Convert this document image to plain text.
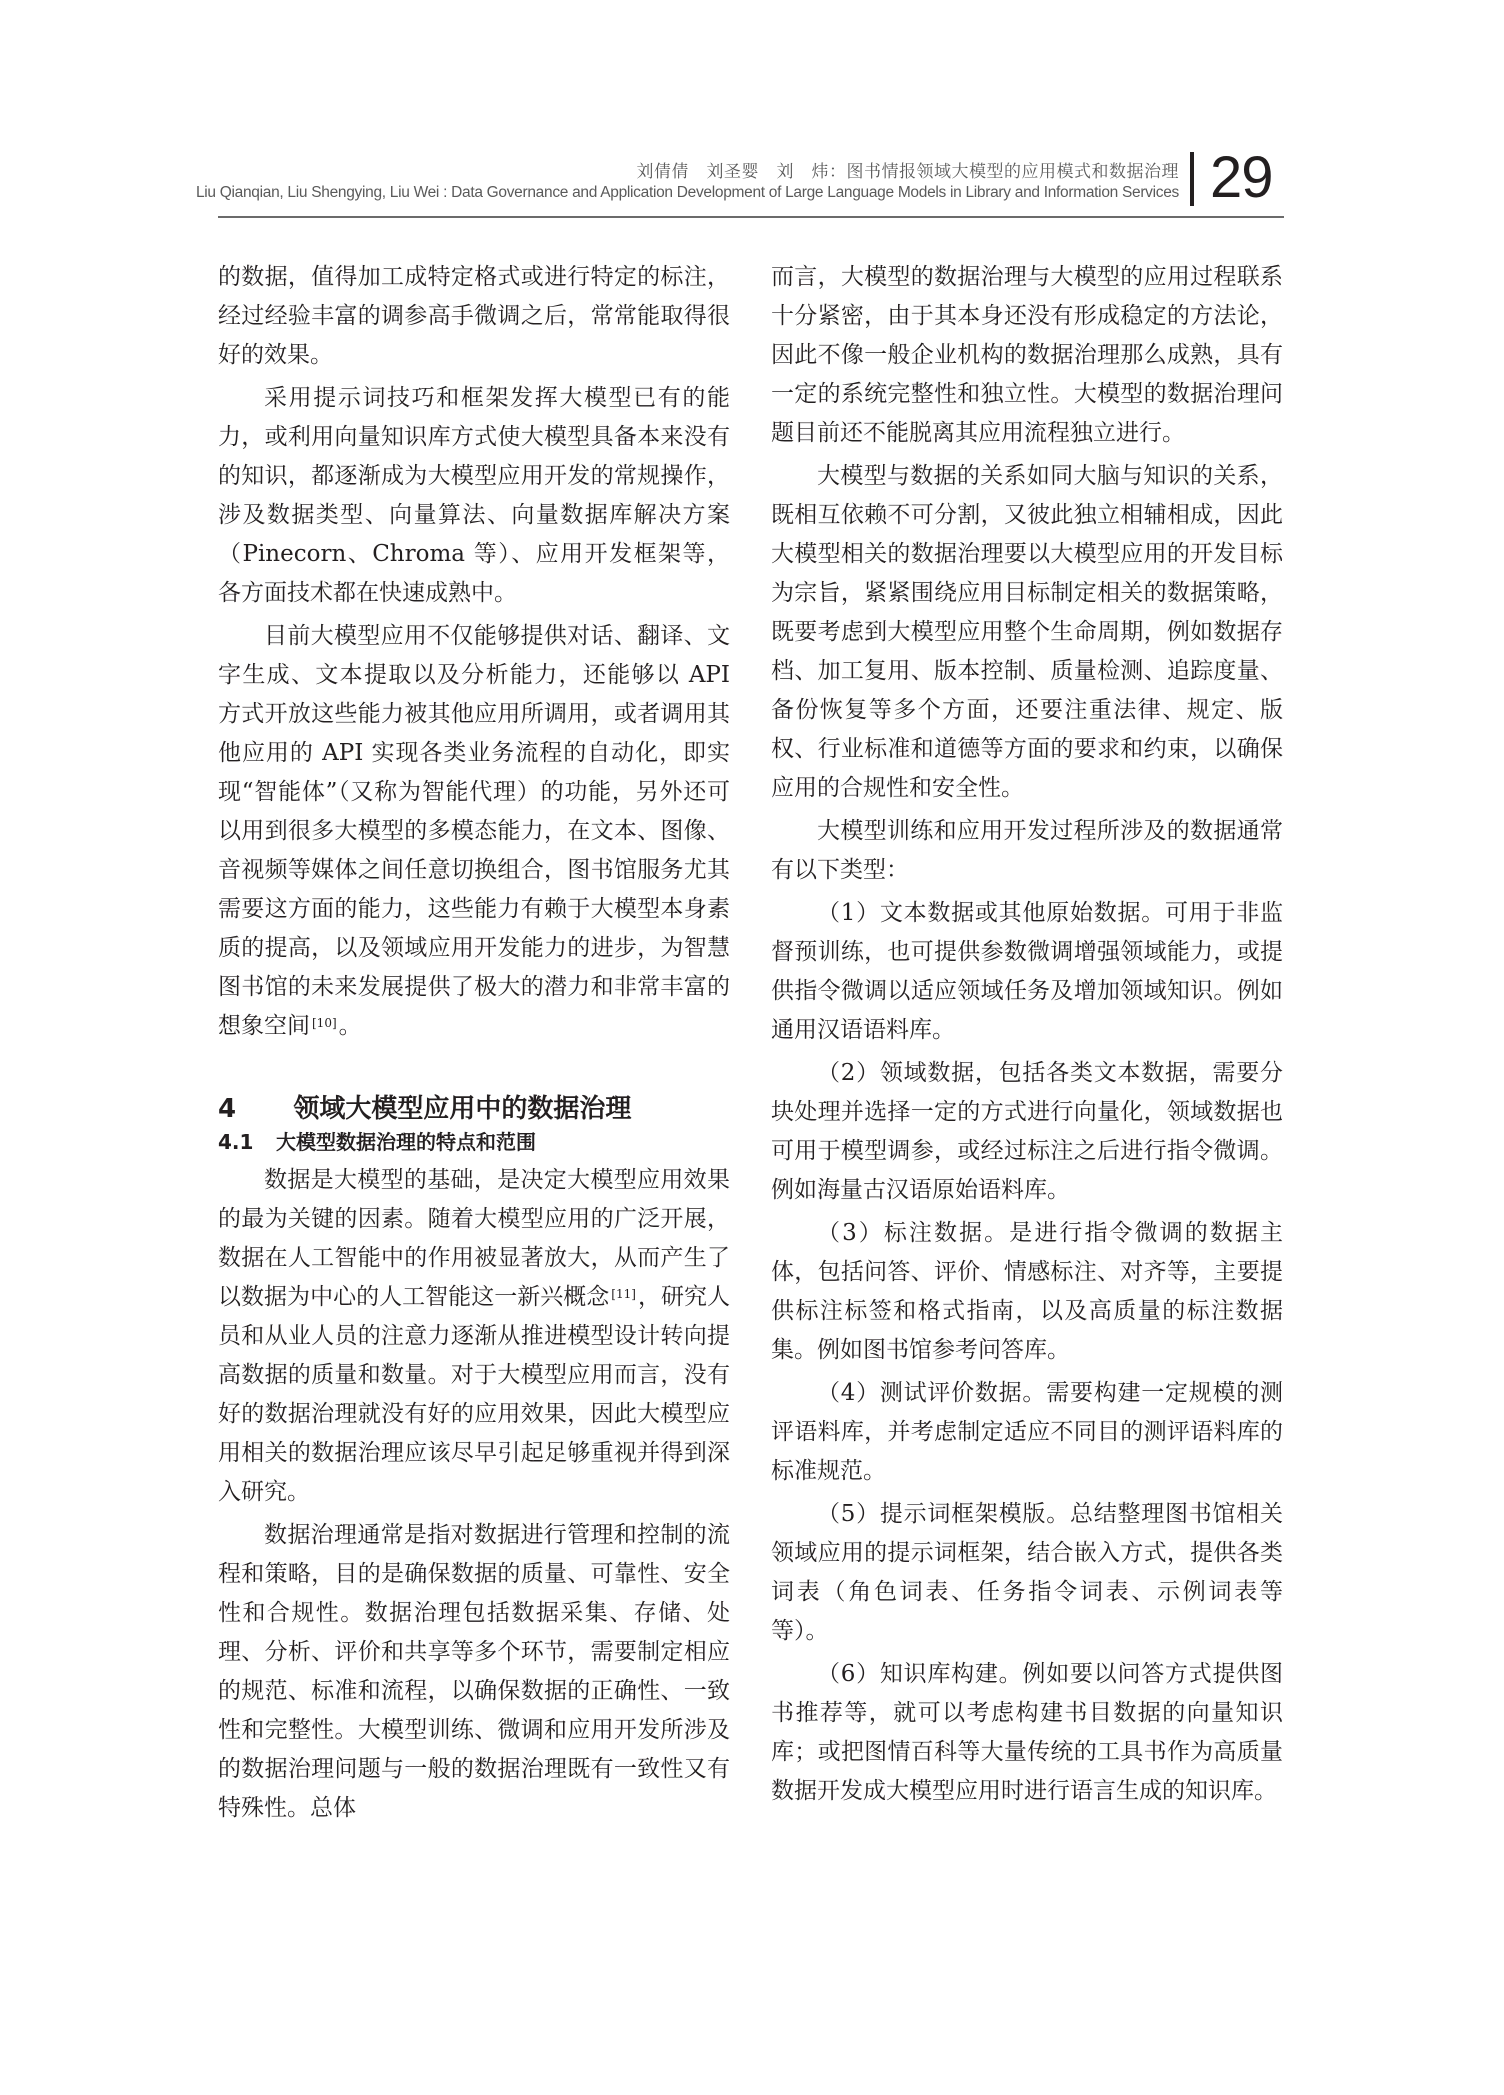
刘倩倩　刘圣婴　刘　炜：图书情报领域大模型的应用模式和数据治理

Liu Qianqian, Liu Shengying, Liu Wei : Data Governance and Application Development of Large Language Models in Library and Information Services 29

的数据，值得加工成特定格式或进行特定的标注，经过经验丰富的调参高手微调之后，常常能取得很好的效果。

采用提示词技巧和框架发挥大模型已有的能力，或利用向量知识库方式使大模型具备本来没有的知识，都逐渐成为大模型应用开发的常规操作，涉及数据类型、向量算法、向量数据库解决方案（Pinecorn、Chroma 等）、应用开发框架等，各方面技术都在快速成熟中。

目前大模型应用不仅能够提供对话、翻译、文字生成、文本提取以及分析能力，还能够以 API 方式开放这些能力被其他应用所调用，或者调用其他应用的 API 实现各类业务流程的自动化，即实现“智能体”（又称为智能代理）的功能，另外还可以用到很多大模型的多模态能力，在文本、图像、音视频等媒体之间任意切换组合，图书馆服务尤其需要这方面的能力，这些能力有赖于大模型本身素质的提高，以及领域应用开发能力的进步，为智慧图书馆的未来发展提供了极大的潜力和非常丰富的想象空间 [10]。

4 领域大模型应用中的数据治理
4.1 大模型数据治理的特点和范围

数据是大模型的基础，是决定大模型应用效果的最为关键的因素。随着大模型应用的广泛开展，数据在人工智能中的作用被显著放大，从而产生了以数据为中心的人工智能这一新兴概念 [11]，研究人员和从业人员的注意力逐渐从推进模型设计转向提高数据的质量和数量。对于大模型应用而言，没有好的数据治理就没有好的应用效果，因此大模型应用相关的数据治理应该尽早引起足够重视并得到深入研究。

数据治理通常是指对数据进行管理和控制的流程和策略，目的是确保数据的质量、可靠性、安全性和合规性。数据治理包括数据采集、存储、处理、分析、评价和共享等多个环节，需要制定相应的规范、标准和流程，以确保数据的正确性、一致性和完整性。大模型训练、微调和应用开发所涉及的数据治理问题与一般的数据治理既有一致性又有特殊性。总体

而言，大模型的数据治理与大模型的应用过程联系十分紧密，由于其本身还没有形成稳定的方法论，因此不像一般企业机构的数据治理那么成熟，具有一定的系统完整性和独立性。大模型的数据治理问题目前还不能脱离其应用流程独立进行。

大模型与数据的关系如同大脑与知识的关系，既相互依赖不可分割，又彼此独立相辅相成，因此大模型相关的数据治理要以大模型应用的开发目标为宗旨，紧紧围绕应用目标制定相关的数据策略，既要考虑到大模型应用整个生命周期，例如数据存档、加工复用、版本控制、质量检测、追踪度量、备份恢复等多个方面，还要注重法律、规定、版权、行业标准和道德等方面的要求和约束，以确保应用的合规性和安全性。

大模型训练和应用开发过程所涉及的数据通常有以下类型：

（1）文本数据或其他原始数据。可用于非监督预训练，也可提供参数微调增强领域能力，或提供指令微调以适应领域任务及增加领域知识。例如通用汉语语料库。

（2）领域数据，包括各类文本数据，需要分块处理并选择一定的方式进行向量化，领域数据也可用于模型调参，或经过标注之后进行指令微调。例如海量古汉语原始语料库。

（3）标注数据。是进行指令微调的数据主体，包括问答、评价、情感标注、对齐等，主要提供标注标签和格式指南，以及高质量的标注数据集。例如图书馆参考问答库。

（4）测试评价数据。需要构建一定规模的测评语料库，并考虑制定适应不同目的测评语料库的标准规范。

（5）提示词框架模版。总结整理图书馆相关领域应用的提示词框架，结合嵌入方式，提供各类词表（角色词表、任务指令词表、示例词表等等）。

（6）知识库构建。例如要以问答方式提供图书推荐等，就可以考虑构建书目数据的向量知识库；或把图情百科等大量传统的工具书作为高质量数据开发成大模型应用时进行语言生成的知识库。
